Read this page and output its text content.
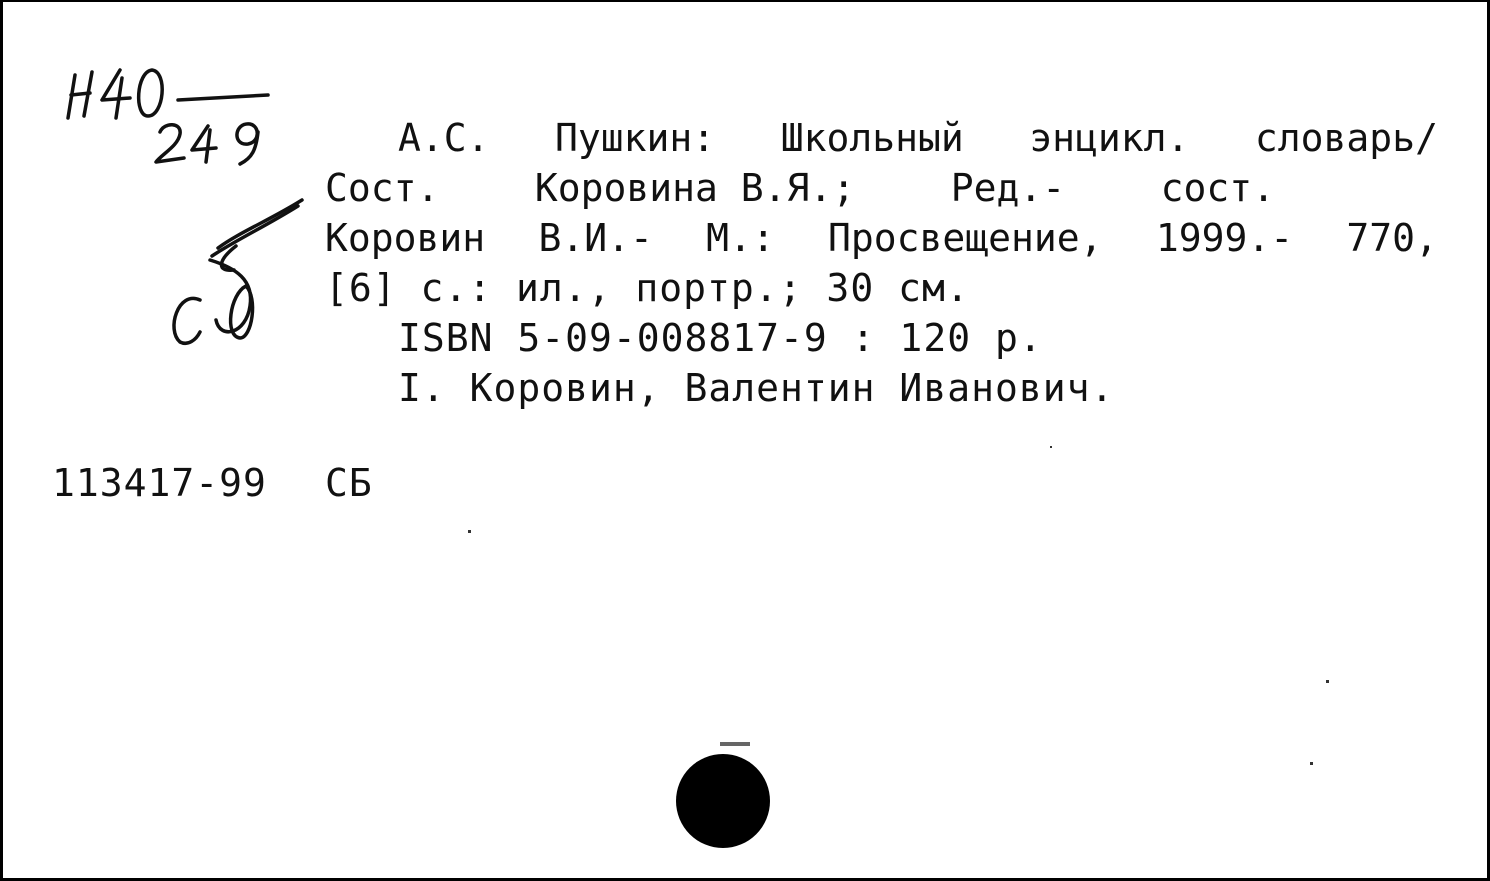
А.С. Пушкин: Школьный энцикл. словарь/
Сост.	Коровина В.Я.;	Ред.-	сост.
Коровин В.И.- М.: Просвещение, 1999.- 770,
[6] с.: ил., портр.; 30 см.
ISBN 5-09-008817-9 : 120 р.
I. Коровин, Валентин Иванович.
113417-99 СБ
